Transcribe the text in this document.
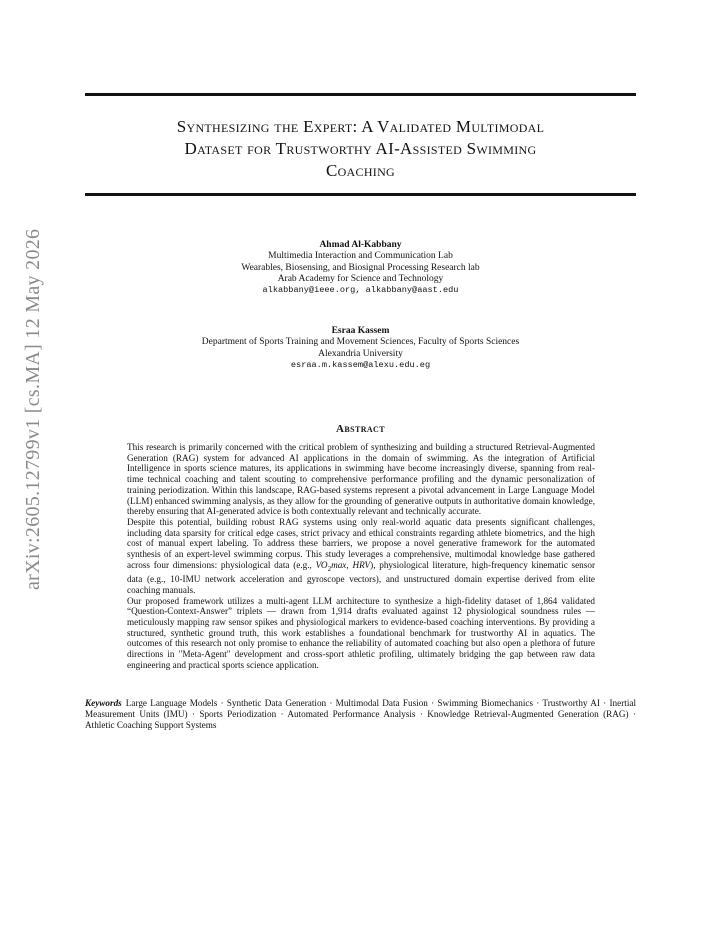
arXiv:2605.12799v1 [cs.MA] 12 May 2026
Synthesizing the Expert: A Validated Multimodal
Dataset for Trustworthy AI-Assisted Swimming
Coaching
Ahmad Al-Kabbany
Multimedia Interaction and Communication Lab
Wearables, Biosensing, and Biosignal Processing Research lab
Arab Academy for Science and Technology
alkabbany@ieee.org, alkabbany@aast.edu
Esraa Kassem
Department of Sports Training and Movement Sciences, Faculty of Sports Sciences
Alexandria University
esraa.m.kassem@alexu.edu.eg
Abstract

This research is primarily concerned with the critical problem of synthesizing and building a structured Retrieval-Augmented Generation (RAG) system for advanced AI applications in the domain of swimming. As the integration of Artificial Intelligence in sports science matures, its applications in swimming have become increasingly diverse, spanning from real-time technical coaching and talent scouting to comprehensive performance profiling and the dynamic personalization of training periodization. Within this landscape, RAG-based systems represent a pivotal advancement in Large Language Model (LLM) enhanced swimming analysis, as they allow for the grounding of generative outputs in authoritative domain knowledge, thereby ensuring that AI-generated advice is both contextually relevant and technically accurate.

Despite this potential, building robust RAG systems using only real-world aquatic data presents significant challenges, including data sparsity for critical edge cases, strict privacy and ethical constraints regarding athlete biometrics, and the high cost of manual expert labeling. To address these barriers, we propose a novel generative framework for the automated synthesis of an expert-level swimming corpus. This study leverages a comprehensive, multimodal knowledge base gathered across four dimensions: physiological data (e.g., $VO_2\max$, HRV), physiological literature, high-frequency kinematic sensor data (e.g., 10-IMU network acceleration and gyroscope vectors), and unstructured domain expertise derived from elite coaching manuals.

Our proposed framework utilizes a multi-agent LLM architecture to synthesize a high-fidelity dataset of 1,864 validated “Question-Context-Answer” triplets — drawn from 1,914 drafts evaluated against 12 physiological soundness rules — meticulously mapping raw sensor spikes and physiological markers to evidence-based coaching interventions. By providing a structured, synthetic ground truth, this work establishes a foundational benchmark for trustworthy AI in aquatics. The outcomes of this research not only promise to enhance the reliability of automated coaching but also open a plethora of future directions in "Meta-Agent" development and cross-sport athletic profiling, ultimately bridging the gap between raw data engineering and practical sports science application.

Keywords Large Language Models · Synthetic Data Generation · Multimodal Data Fusion · Swimming Biomechanics · Trustworthy AI · Inertial Measurement Units (IMU) · Sports Periodization · Automated Performance Analysis · Knowledge Retrieval-Augmented Generation (RAG) · Athletic Coaching Support Systems
